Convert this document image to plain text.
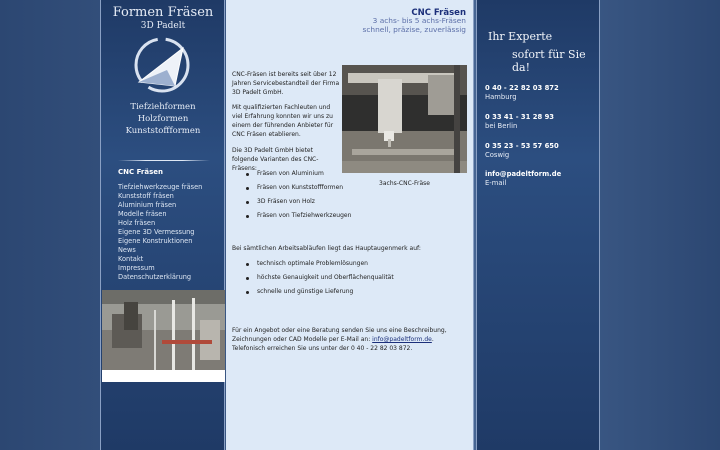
Formen Fräsen
3D Padelt
Tiefziehformen
Holzformen
Kunststoffformen
CNC Fräsen
Tiefziehwerkzeuge fräsen
Kunststoff fräsen
Aluminium fräsen
Modelle fräsen
Holz fräsen
Eigene 3D Vermessung
Eigene Konstruktionen
News
Kontakt
Impressum
Datenschutzerklärung
CNC Fräsen
3 achs- bis 5 achs-Fräsen
schnell, präzise, zuverlässig

CNC-Fräsen ist bereits seit über 12 Jahren Servicebestandteil der Firma 3D Padelt GmbH.

Mit qualifizierten Fachleuten und viel Erfahrung konnten wir uns zu einem der führenden Anbieter für CNC Fräsen etablieren.

Die 3D Padelt GmbH bietet folgende Varianten des CNC-Fräsens:

Fräsen von Aluminium
Fräsen von Kunststoffformen
3D Fräsen von Holz
Fräsen von Tiefziehwerkzeugen
3achs-CNC-Fräse

Bei sämtlichen Arbeitsabläufen liegt das Hauptaugenmerk auf:

technisch optimale Problemlösungen
höchste Genauigkeit und Oberflächenqualität
schnelle und günstige Lieferung

Für ein Angebot oder eine Beratung senden Sie uns eine Beschreibung, Zeichnungen oder CAD Modelle per E-Mail an: info@padeltform.de.
Telefonisch erreichen Sie uns unter der 0 40 - 22 82 03 872.

Ihr Experte
sofort für Sie da!
0 40 - 22 82 03 872
Hamburg
0 33 41 - 31 28 93
bei Berlin
0 35 23 - 53 57 650
Coswig
info@padeltform.de
E-mail
